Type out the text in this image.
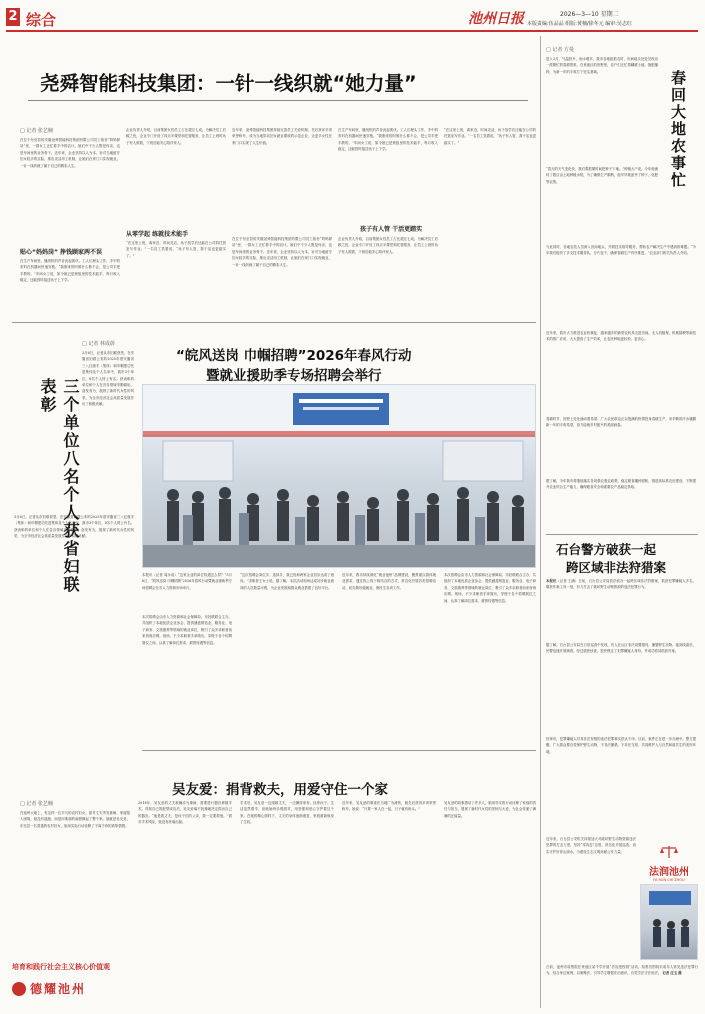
2 综合	池州日报	2026—3—10 星期二
本版责编:伍品品 组版:黄楠/徐冬元 编审:吴志红
尧舜智能科技集团：一针一线织就“她力量”
□ 记者 张艺楠
在位于东至县的安徽尧舜智能科技集团有限公司员工宿舍“妈妈驿站”里，一群女工正忙着手中的活计。她们中不少人既是母亲，也是车间里的业务骨干。近年来，企业坚持以人为本，针对当地留守妇女较多的实际，推出灵活用工机制，让她们在家门口实现就业，一针一线织就了属于自己的精彩人生。
贴心“妈妈岗” 挣钱顾家两不误
在生产车间里，缝纫机的声音此起彼伏。工人们埋头工作，手中的布料在机器间快速穿梭。“我刚来的时候什么都不会，是公司手把手教的。”车间女工说，如今她已是班组里的技术能手，每月收入稳定，还能按时接送孩子上下学。
企业负责人介绍，目前集团女性员工占比超过七成。为解决员工后顾之忧，企业专门开设了四点半课堂和托管服务，让员工上班时孩子有人照看，下班后能安心陪伴家人。
从零学起 练就技术能手
“在这里上班，离家近、时间灵活，孩子放学后还能在公司的托管室写作业。”一名员工笑着说，“孩子有人管，我干活也更踏实了。”
近年来，尧舜智能科技集团持续完善员工关爱机制，先后获评多项荣誉称号，成为当地带动妇女就业增收的示范企业，让更多女性在家门口实现了人生价值。
在位于东至县的安徽尧舜智能科技集团有限公司员工宿舍“妈妈驿站”里，一群女工正忙着手中的活计。她们中不少人既是母亲，也是车间里的业务骨干。近年来，企业坚持以人为本，针对当地留守妇女较多的实际，推出灵活用工机制，让她们在家门口实现就业，一针一线织就了属于自己的精彩人生。
在生产车间里，缝纫机的声音此起彼伏。工人们埋头工作，手中的布料在机器间快速穿梭。“我刚来的时候什么都不会，是公司手把手教的。”车间女工说，如今她已是班组里的技术能手，每月收入稳定，还能按时接送孩子上下学。
孩子有人管 干活更踏实
企业负责人介绍，目前集团女性员工占比超过七成。为解决员工后顾之忧，企业专门开设了四点半课堂和托管服务，让员工上班时孩子有人照看，下班后能安心陪伴家人。
“在这里上班，离家近、时间灵活，孩子放学后还能在公司的托管室写作业。”一名员工笑着说，“孩子有人管，我干活也更踏实了。”
三个单位八名个人获省妇联表彰
□ 记者 林成蔚
3月6日，记者从市妇联获悉，在安徽省妇联公布的2025年度安徽省三八红旗手（集体）和巾帼建功先进集体及个人名单中，我市3个单位、8名个人榜上有名。获表彰的单位和个人在各自领域辛勤耕耘、奋发有为，展现了新时代女性的风采，为全市经济社会高质量发展作出了积极贡献。
3月6日，记者从市妇联获悉，在安徽省妇联公布的2025年度安徽省三八红旗手（集体）和巾帼建功先进集体及个人名单中，我市3个单位、8名个人榜上有名。获表彰的单位和个人在各自领域辛勤耕耘、奋发有为，展现了新时代女性的风采，为全市经济社会高质量发展作出了积极贡献。
“皖风送岗 巾帼招聘”2026年春风行动
暨就业援助季专场招聘会举行
本报讯（记者 周永成）“这家企业的岗位待遇怎么样？”3月6日，“皖风送岗 巾帼招聘”2026年春风行动暨就业援助季专场招聘会在市人力资源市场举行。
本次招聘会由市人力资源和社会保障局、市妇联联合主办，共组织了本地优质企业参会，提供涵盖制造业、服务业、电子商务、文旅康养等领域的就业岗位，吸引了众多求职者前来咨询应聘。现场，不少求职者手拿简历，穿梭于各个招聘展位之间，认真了解岗位需求、薪资待遇等信息。
“这次招聘会岗位多、选择多，我已经和两家企业初步达成了意向。”求职者王女士说。据了解，本次活动现场达成初步就业意向的人员数量可观，为企业发展和群众就业搭建了良好平台。
近年来，我市持续深化“就业池州”品牌建设，聚焦重点群体就业需求，通过线上线下相结合的方式，常态化开展各类招聘活动，切实做好稳就业、保民生各项工作。
本次招聘会由市人力资源和社会保障局、市妇联联合主办，共组织了本地优质企业参会，提供涵盖制造业、服务业、电子商务、文旅康养等领域的就业岗位，吸引了众多求职者前来咨询应聘。现场，不少求职者手拿简历，穿梭于各个招聘展位之间，认真了解岗位需求、薪资待遇等信息。
吴友爱：捐背救夫，用爱守住一个家
□ 记者 张艺楠
在池州大地上，有这样一位平凡的农村妇女。面对丈夫突发重病、家庭陷入困境，她没有退缩，而是用柔弱的肩膀撑起了整个家。她就是吴友爱，东至县一名普通的农村妇女，她用实际行动诠释了不离不弃的真挚情感。
2018年，吴友爱的丈夫被确诊为重病，需要进行器官移植手术。得知自己的配型成功后，吴友爱毫不犹豫地决定捐出自己的器官。“他是我丈夫，是孩子们的父亲，我一定要救他。”面对手术风险，她没有丝毫迟疑。
手术后，吴友爱一边照顾丈夫，一边操持家务、抚养孩子。生活虽然艰辛，但她始终乐观面对，用坚强和爱心守护着这个家。在她的精心照料下，丈夫的身体逐渐康复，家庭重新焕发了生机。
近年来，吴友爱的事迹在当地广为流传，她先后获得多项荣誉称号。她说：“只要一家人在一起，日子就有盼头。”
吴友爱的故事感动了许多人，她用朴实的行动诠释了家庭的责任与担当，展现了新时代女性的坚韧与大爱，为社会传递了满满的正能量。
培育和践行社会主义核心价值观
德耀池州
□ 记者 方曼
进入3月，气温回升，雨水增多，我市各地抢抓农时，田间地头处处呈现出一派繁忙的春耕景象。在贵池区的田野里，农户们正忙着翻耕土地、施肥播种，为新一年的丰收打下坚实基础。	春回大地农事忙
“春天的天气变化快，我们要抓紧时间把种子下地。”种植大户说，今年他流转了数百亩土地种植水稻，为了确保生产顺利，他早早就备齐了种子、化肥等农资。
与此同时，各地农技人员深入田间地头，开展技术指导服务，帮助农户解决生产中遇到的难题。“今年我们组织了多支技术服务队，分片包干，确保春耕生产有序推进。”农业部门相关负责人介绍。
近年来，我市大力推进农业机械化，越来越多的新型农机具走进田间。无人机植保、机械插秧等新技术的推广应用，大大提高了生产效率，让农民种地更轻松、更省心。
春耕时节，田野上处处涌动着希望。广大农民群众正以饱满的热情投身春耕生产，用辛勤的汗水播撒新一年的丰收希望，奋力绘就乡村振兴的美丽画卷。
据了解，今年我市将继续落实各项强农惠农政策，稳定粮食播种面积，推进高标准农田建设，不断提升农业综合生产能力，确保粮食安全和重要农产品稳定供给。
石台警方破获一起
跨区域非法狩猎案
本报讯（记者 王涵）日前，石台县公安局依法侦办一起跨区域非法狩猎案，抓获犯罪嫌疑人多名，缴获作案工具一批，有力打击了破坏野生动物资源的违法犯罪行为。
据了解，石台县公安局在日常巡查中发现，有人在山区非法设置猎具，捕猎野生动物。接到线索后，民警迅速开展调查，经过缜密侦查，很快锁定了犯罪嫌疑人身份，并成功将其抓获归案。
经审讯，犯罪嫌疑人对其非法狩猎的违法犯罪事实供认不讳。目前，案件正在进一步办理中。警方提醒，广大群众要自觉保护野生动物，不非法捕猎、不非法交易，共同维护人与自然和谐共生的美好环境。
近年来，石台县公安机关持续加大对破坏野生动物资源违法犯罪的打击力度，坚持“零容忍”态度，常态化开展巡查，切实守护好青山绿水，为建设生态文明贡献公安力量。
法润池州
FA RUN CHI ZHOU
日前，池州市检察院在贵池区某中学开展“法治进校园”活动，检察官围绕未成年人常见违法犯罪行为，结合身边案例，以案释法，引导学生增强法治意识，自觉学法守法用法。 记者 汪玉 摄
